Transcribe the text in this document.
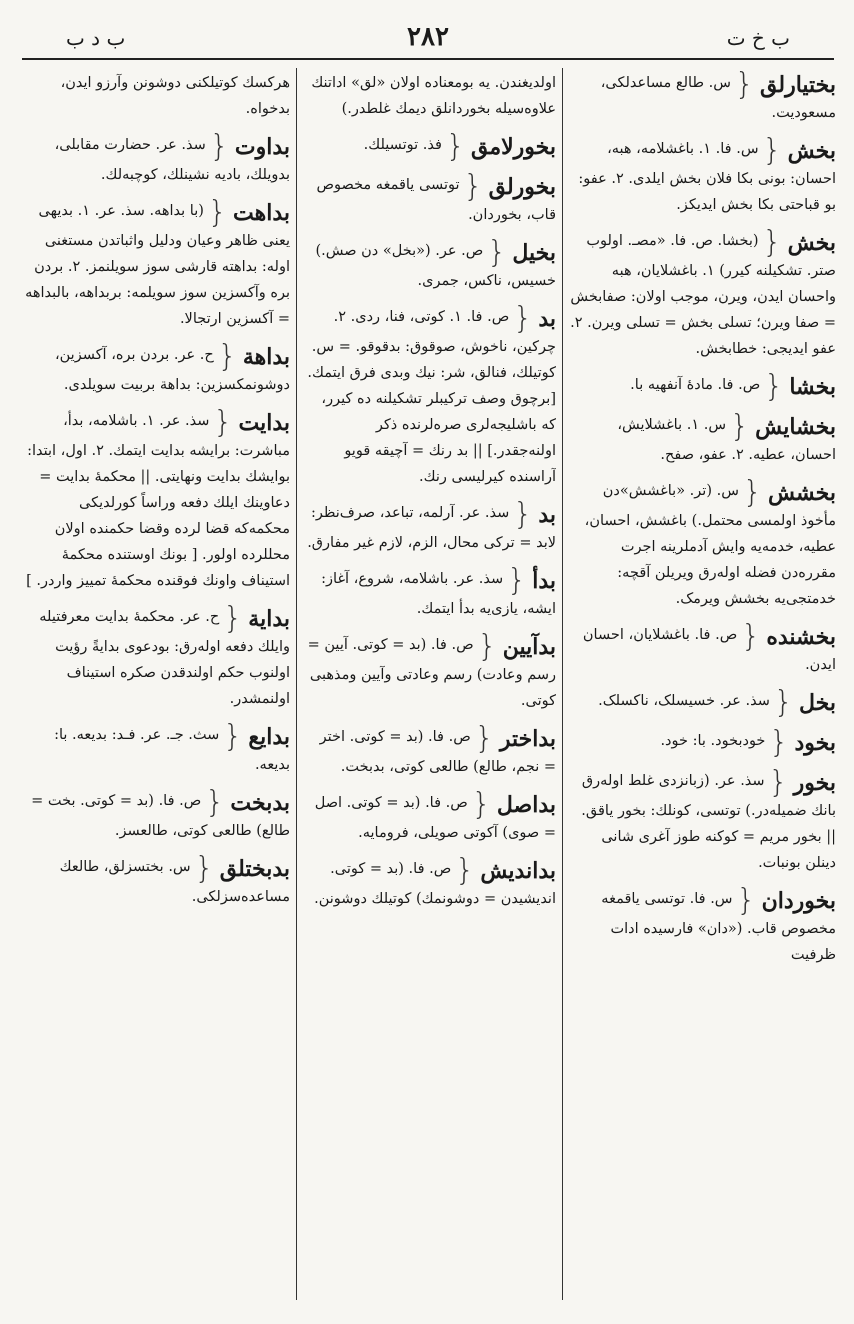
ب خ ت
٢٨٢
ب د ب
بختیارلق{س. طالع مساعدلکی، مسعودیت.
بخش{س. فا. ١. باغشلامه، هبه، احسان: بونی بکا فلان بخش ایلدی. ٢. عفو: بو قباحتی بکا بخش ایدیکز.
بخش{(بخشا. ص. فا. «مصـ. اولوب صتر. تشکیلنه کیرر) ١. باغشلایان، هبه واحسان ایدن، ویرن، موجب اولان: صفابخش = صفا ویرن؛ تسلی بخش = تسلی ویرن. ٢. عفو ایدیجی: خطابخش.
بخشا{ص. فا. مادهٔ آنفهیه با.
بخشایش{س. ١. باغشلایش، احسان، عطیه. ٢. عفو، صفح.
بخشش{س. (تر. «باغشش»دن مأخوذ اولمسی محتمل.) باغشش، احسان، عطیه، خدمه‌یه وایش آدملرینه اجرت مقرره‌دن فضله اوله‌رق ویریلن آقچه: خدمتجی‌یه بخشش ویرمک.
بخشنده{ص. فا. باغشلایان، احسان ایدن.
بخل{سذ. عر. خسیسلک، ناکسلک.
بخود{خودبخود. با: خود.
بخور{سذ. عر. (زبانزدی غلط اوله‌رق بانك ضمیله‌در.) توتسی، کونلك: بخور یاقق. || بخور مریم = کوکنه طوز آغری شانی دینلن بونبات.
بخوردان{س. فا. توتسی یاقمغه مخصوص قاب. («دان» فارسیده ادات ظرفیت
اولدیغندن. یه بومعناده اولان «لق» اداتنك علاوه‌سیله بخوردانلق دیمك غلطدر.)
بخورلامق{فذ. توتسیلك.
بخورلق{توتسی یاقمغه مخصوص قاب، بخوردان.
بخیل{ص. عر. («بخل» دن صش.) خسیس، ناکس، جمری.
بد{ص. فا. ١. کوتی، فنا، ردی. ٢. چرکین، ناخوش، صوقوق: بدقوقو. = س. کوتیلك، فنالق، شر: نیك وبدی فرق ایتمك. [برچوق وصف ترکیبلر تشکیلنه ده کیرر، که باشلیجه‌لری صره‌لرنده ذکر اولنه‌جقدر.] || بد رنك = آچیقه قویو آرا‌سنده کیرلیسی رنك.
بد{سذ. عر. آرلمه، تباعد، صرف‌نظر: لابد = ترکی محال، الزم، لازم غیر مفارق.
بدأ{سذ. عر. باشلامه، شروع، آغاز: ایشه، یازی‌یه بدأ ایتمك.
بدآیین{ص. فا. (بد = کوتی. آیین = رسم وعادت) رسم وعادتی وآیین ومذهبی کوتی.
بداختر{ص. فا. (بد = کوتی. اختر = نجم، طالع) طالعی کوتی، بدبخت.
بداصل{ص. فا. (بد = کوتی. اصل = صوی) آکوتی صویلی، فرومایه.
بداندیش{ص. فا. (بد = کوتی. اندیشیدن = دوشونمك) کوتیلك دوشونن.
هرکسك کوتیلکنی دوشونن وآرزو ایدن، بدخواه.
بداوت{سذ. عر. حضارت مقابلی، بدویلك، بادیه نشینلك، کوچبه‌لك.
بداهت{(با بداهه. سذ. عر. ١. بدیهی یعنی ظاهر وعیان ودلیل واثباتدن مستغنی اوله: بداهته قارشی سوز سویلنمز. ٢. بردن بره وآکسزین سوز سویلمه: بربداهه، بالبداهه = آکسزین ارتجالا.
بداهة{ح. عر. بردن بره، آکسزین، دوشونمکسزین: بداهة بربیت سویلدی.
بدایت{سذ. عر. ١. باشلامه، بدأ، مباشرت: برایشه بدایت ایتمك. ٢. اول، ابتدا: بوایشك بدایت ونهایتی. || محکمهٔ بدایت = دعاوینك ایلك دفعه وراساً کورلدیکی محکمه‌که قضا لرده وقضا حکمنده اولان محللرده اولور. [ بونك اوستنده محکمهٔ استیناف واونك فوقنده محکمهٔ تمییز واردر. ]
بدایة{ح. عر. محکمهٔ بدایت معرفتیله وایلك دفعه اوله‌رق: بودعوی بدایةً رؤیت اولنوب حکم اولندقدن صکره استیناف اولنمشدر.
بدایع{سث. جـ. عر. فـد: بدیعه. با: بدیعه.
بدبخت{ص. فا. (بد = کوتی. بخت = طالع) طالعی کوتی، طالعسز.
بدبختلق{س. بختسزلق، طالعك مساعده‌سزلکی.
